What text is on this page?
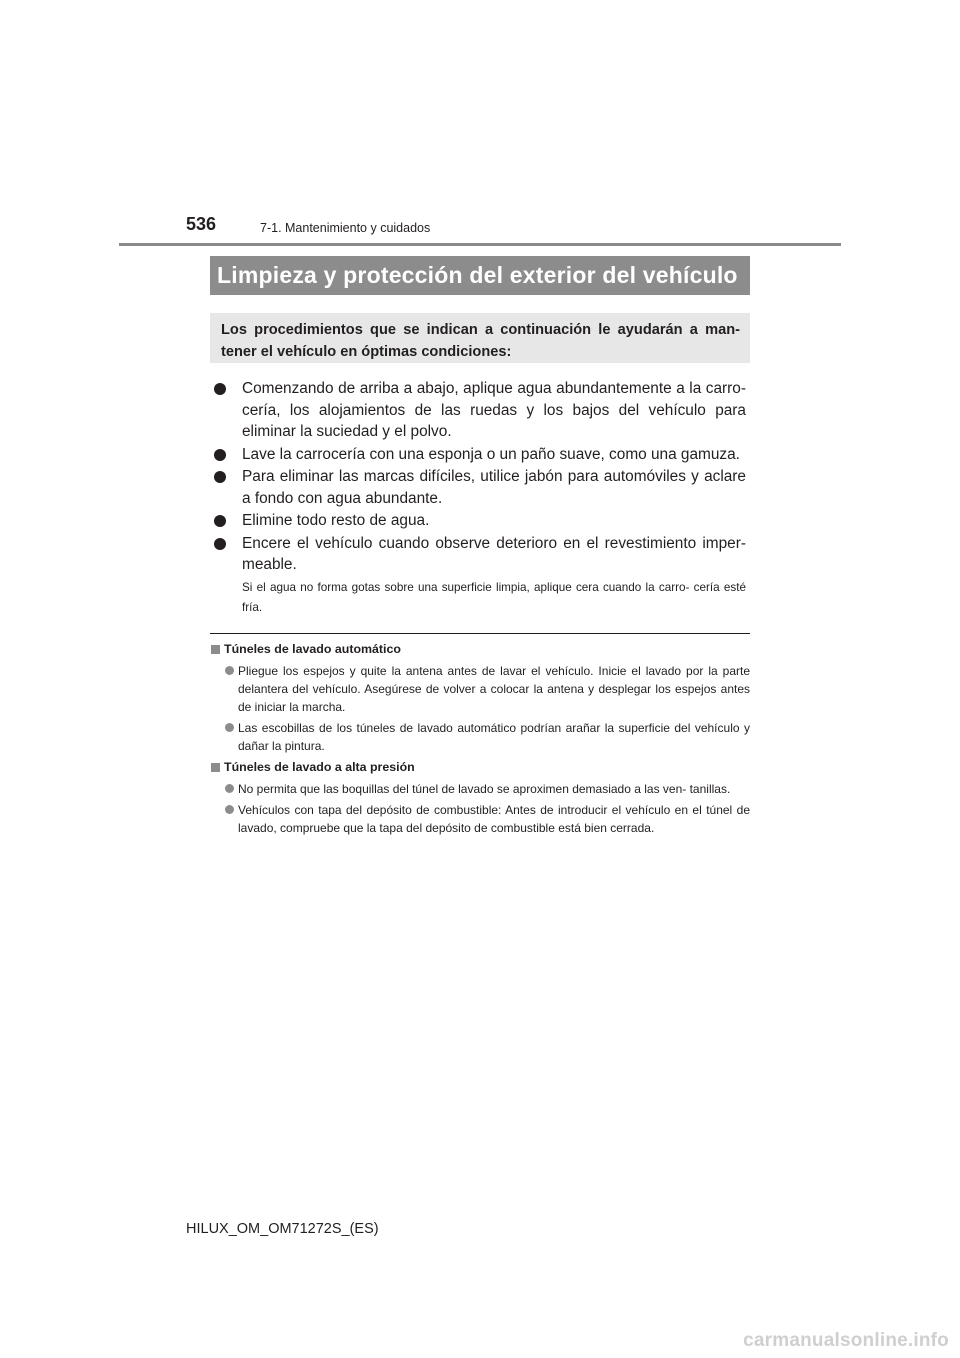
536	7-1. Mantenimiento y cuidados
Limpieza y protección del exterior del vehículo
Los procedimientos que se indican a continuación le ayudarán a man- tener el vehículo en óptimas condiciones:
Comenzando de arriba a abajo, aplique agua abundantemente a la carro- cería, los alojamientos de las ruedas y los bajos del vehículo para eliminar la suciedad y el polvo.
Lave la carrocería con una esponja o un paño suave, como una gamuza.
Para eliminar las marcas difíciles, utilice jabón para automóviles y aclare a fondo con agua abundante.
Elimine todo resto de agua.
Encere el vehículo cuando observe deterioro en el revestimiento imper- meable.
Si el agua no forma gotas sobre una superficie limpia, aplique cera cuando la carro- cería esté fría.
Túneles de lavado automático
Pliegue los espejos y quite la antena antes de lavar el vehículo. Inicie el lavado por la parte delantera del vehículo. Asegúrese de volver a colocar la antena y desplegar los espejos antes de iniciar la marcha.
Las escobillas de los túneles de lavado automático podrían arañar la superficie del vehículo y dañar la pintura.
Túneles de lavado a alta presión
No permita que las boquillas del túnel de lavado se aproximen demasiado a las ven- tanillas.
Vehículos con tapa del depósito de combustible: Antes de introducir el vehículo en el túnel de lavado, compruebe que la tapa del depósito de combustible está bien cerrada.
HILUX_OM_OM71272S_(ES)
carmanualsonline.info
